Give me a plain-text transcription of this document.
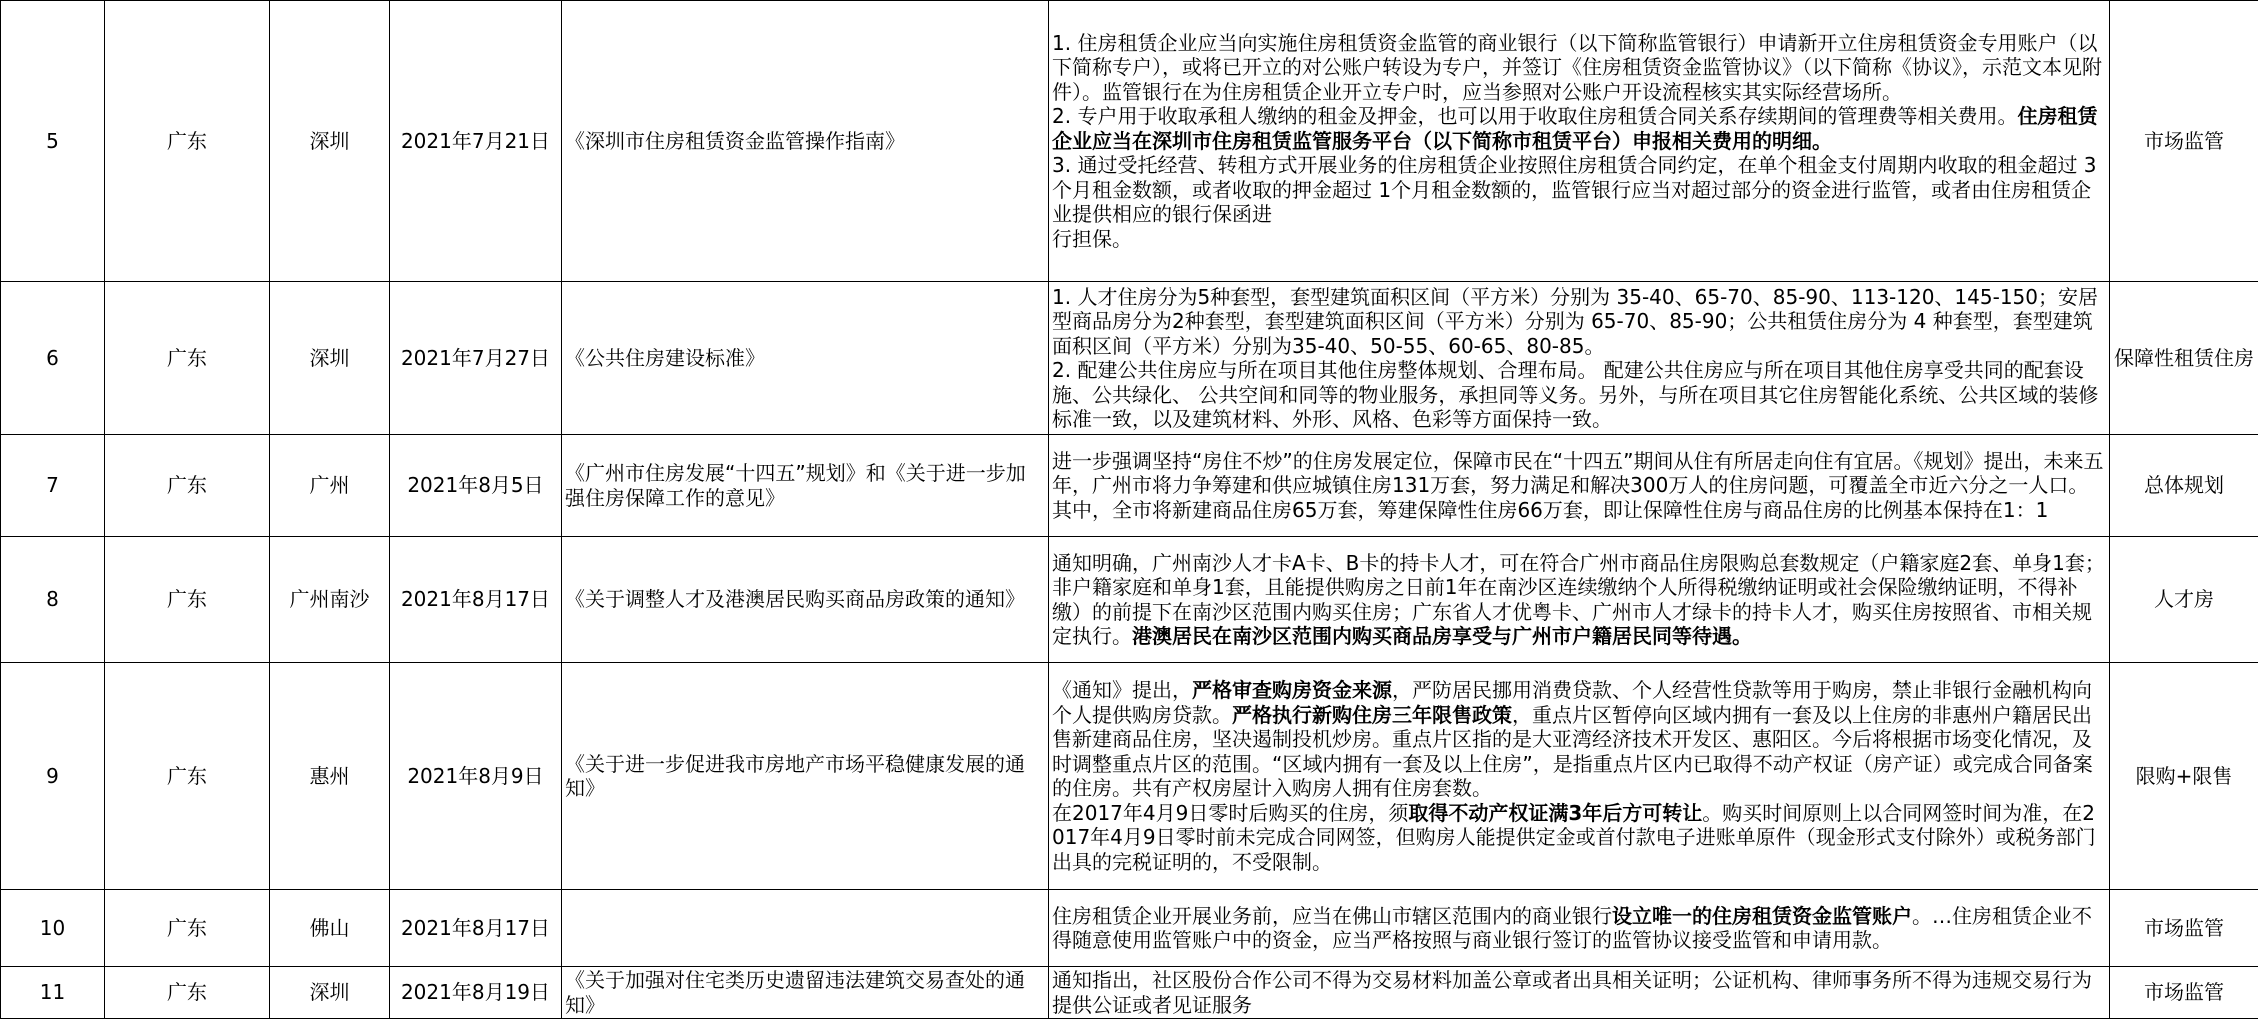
5	广东	深圳	2021年7月21日	《深圳市住房租赁资金监管操作指南》	1. 住房租赁企业应当向实施住房租赁资金监管的商业银行（以下简称监管银行）申请新开立住房租赁资金专用账户（以下简称专户），或将已开立的对公账户转设为专户，并签订《住房租赁资金监管协议》（以下简称《协议》，示范文本见附件）。监管银行在为住房租赁企业开立专户时，应当参照对公账户开设流程核实其实际经营场所。
2. 专户用于收取承租人缴纳的租金及押金，也可以用于收取住房租赁合同关系存续期间的管理费等相关费用。住房租赁企业应当在深圳市住房租赁监管服务平台（以下简称市租赁平台）申报相关费用的明细。
3. 通过受托经营、转租方式开展业务的住房租赁企业按照住房租赁合同约定，在单个租金支付周期内收取的租金超过 3 个月租金数额，或者收取的押金超过 1个月租金数额的，监管银行应当对超过部分的资金进行监管，或者由住房租赁企业提供相应的银行保函进
行担保。	市场监管
6	广东	深圳	2021年7月27日	《公共住房建设标准》	1. 人才住房分为5种套型，套型建筑面积区间（平方米）分别为 35-40、65-70、85-90、113-120、145-150；安居型商品房分为2种套型，套型建筑面积区间（平方米）分别为 65-70、85-90；公共租赁住房分为 4 种套型，套型建筑面积区间（平方米）分别为35-40、50-55、60-65、80-85。
2. 配建公共住房应与所在项目其他住房整体规划、合理布局。 配建公共住房应与所在项目其他住房享受共同的配套设施、公共绿化、 公共空间和同等的物业服务，承担同等义务。另外，与所在项目其它住房智能化系统、公共区域的装修标准一致，以及建筑材料、外形、风格、色彩等方面保持一致。	保障性租赁住房
7	广东	广州	2021年8月5日	《广州市住房发展“十四五”规划》和《关于进一步加强住房保障工作的意见》	进一步强调坚持“房住不炒”的住房发展定位，保障市民在“十四五”期间从住有所居走向住有宜居。《规划》提出，未来五年，广州市将力争筹建和供应城镇住房131万套，努力满足和解决300万人的住房问题，可覆盖全市近六分之一人口。其中，全市将新建商品住房65万套，筹建保障性住房66万套，即让保障性住房与商品住房的比例基本保持在1：1	总体规划
8	广东	广州南沙	2021年8月17日	《关于调整人才及港澳居民购买商品房政策的通知》	通知明确，广州南沙人才卡A卡、B卡的持卡人才，可在符合广州市商品住房限购总套数规定（户籍家庭2套、单身1套；非户籍家庭和单身1套，且能提供购房之日前1年在南沙区连续缴纳个人所得税缴纳证明或社会保险缴纳证明，不得补缴）的前提下在南沙区范围内购买住房；广东省人才优粤卡、广州市人才绿卡的持卡人才，购买住房按照省、市相关规定执行。港澳居民在南沙区范围内购买商品房享受与广州市户籍居民同等待遇。	人才房
9	广东	惠州	2021年8月9日	《关于进一步促进我市房地产市场平稳健康发展的通知》	《通知》提出，严格审查购房资金来源，严防居民挪用消费贷款、个人经营性贷款等用于购房，禁止非银行金融机构向个人提供购房贷款。严格执行新购住房三年限售政策，重点片区暂停向区域内拥有一套及以上住房的非惠州户籍居民出售新建商品住房，坚决遏制投机炒房。重点片区指的是大亚湾经济技术开发区、惠阳区。今后将根据市场变化情况，及时调整重点片区的范围。“区域内拥有一套及以上住房”，是指重点片区内已取得不动产权证（房产证）或完成合同备案的住房。共有产权房屋计入购房人拥有住房套数。
在2017年4月9日零时后购买的住房，须取得不动产权证满3年后方可转让。购买时间原则上以合同网签时间为准，在2017年4月9日零时前未完成合同网签，但购房人能提供定金或首付款电子进账单原件（现金形式支付除外）或税务部门出具的完税证明的，不受限制。	限购+限售
10	广东	佛山	2021年8月17日		住房租赁企业开展业务前，应当在佛山市辖区范围内的商业银行设立唯一的住房租赁资金监管账户。…住房租赁企业不得随意使用监管账户中的资金，应当严格按照与商业银行签订的监管协议接受监管和申请用款。	市场监管
11	广东	深圳	2021年8月19日	《关于加强对住宅类历史遗留违法建筑交易查处的通知》	通知指出，社区股份合作公司不得为交易材料加盖公章或者出具相关证明；公证机构、律师事务所不得为违规交易行为提供公证或者见证服务	市场监管
